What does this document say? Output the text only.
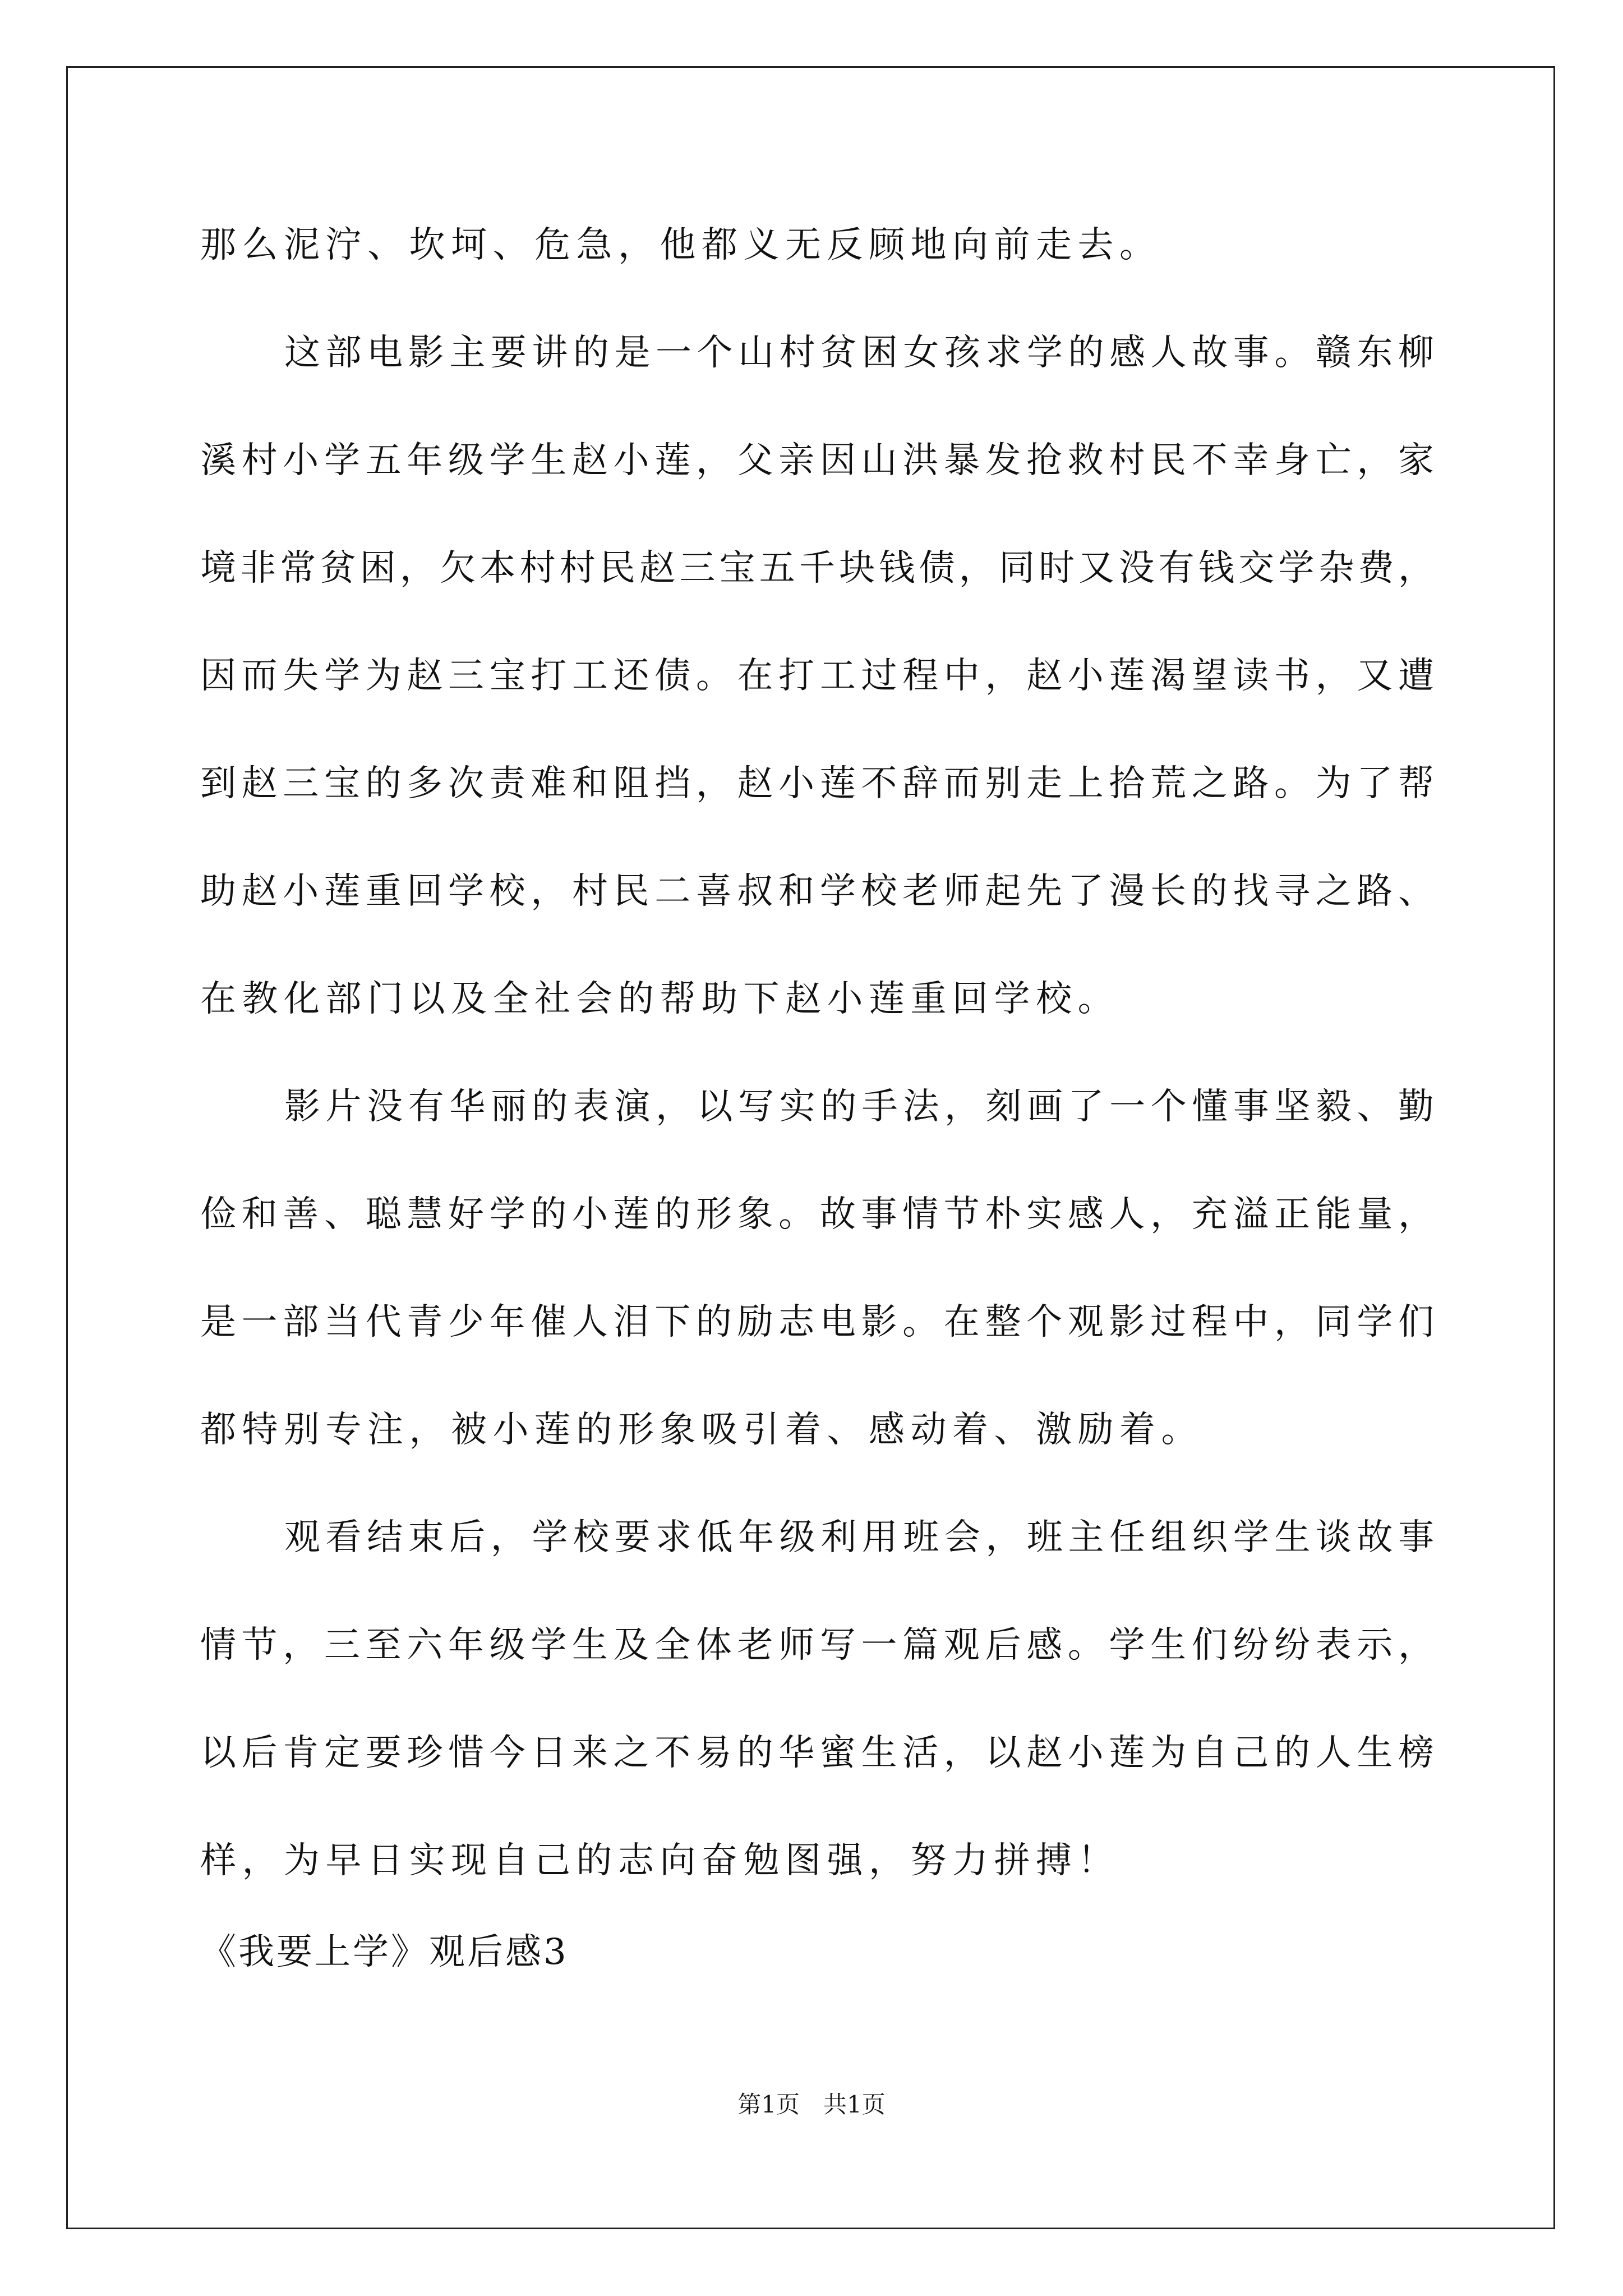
那么泥泞、坎坷、危急，他都义无反顾地向前走去。
这部电影主要讲的是一个山村贫困女孩求学的感人故事。赣东柳
溪村小学五年级学生赵小莲，父亲因山洪暴发抢救村民不幸身亡，家
境非常贫困，欠本村村民赵三宝五千块钱债，同时又没有钱交学杂费，
因而失学为赵三宝打工还债。在打工过程中，赵小莲渴望读书，又遭
到赵三宝的多次责难和阻挡，赵小莲不辞而别走上拾荒之路。为了帮
助赵小莲重回学校，村民二喜叔和学校老师起先了漫长的找寻之路、
在教化部门以及全社会的帮助下赵小莲重回学校。
影片没有华丽的表演，以写实的手法，刻画了一个懂事坚毅、勤
俭和善、聪慧好学的小莲的形象。故事情节朴实感人，充溢正能量，
是一部当代青少年催人泪下的励志电影。在整个观影过程中，同学们
都特别专注，被小莲的形象吸引着、感动着、激励着。
观看结束后，学校要求低年级利用班会，班主任组织学生谈故事
情节，三至六年级学生及全体老师写一篇观后感。学生们纷纷表示，
以后肯定要珍惜今日来之不易的华蜜生活，以赵小莲为自己的人生榜
样，为早日实现自己的志向奋勉图强，努力拼搏！
《我要上学》观后感3
第1页　共1页
